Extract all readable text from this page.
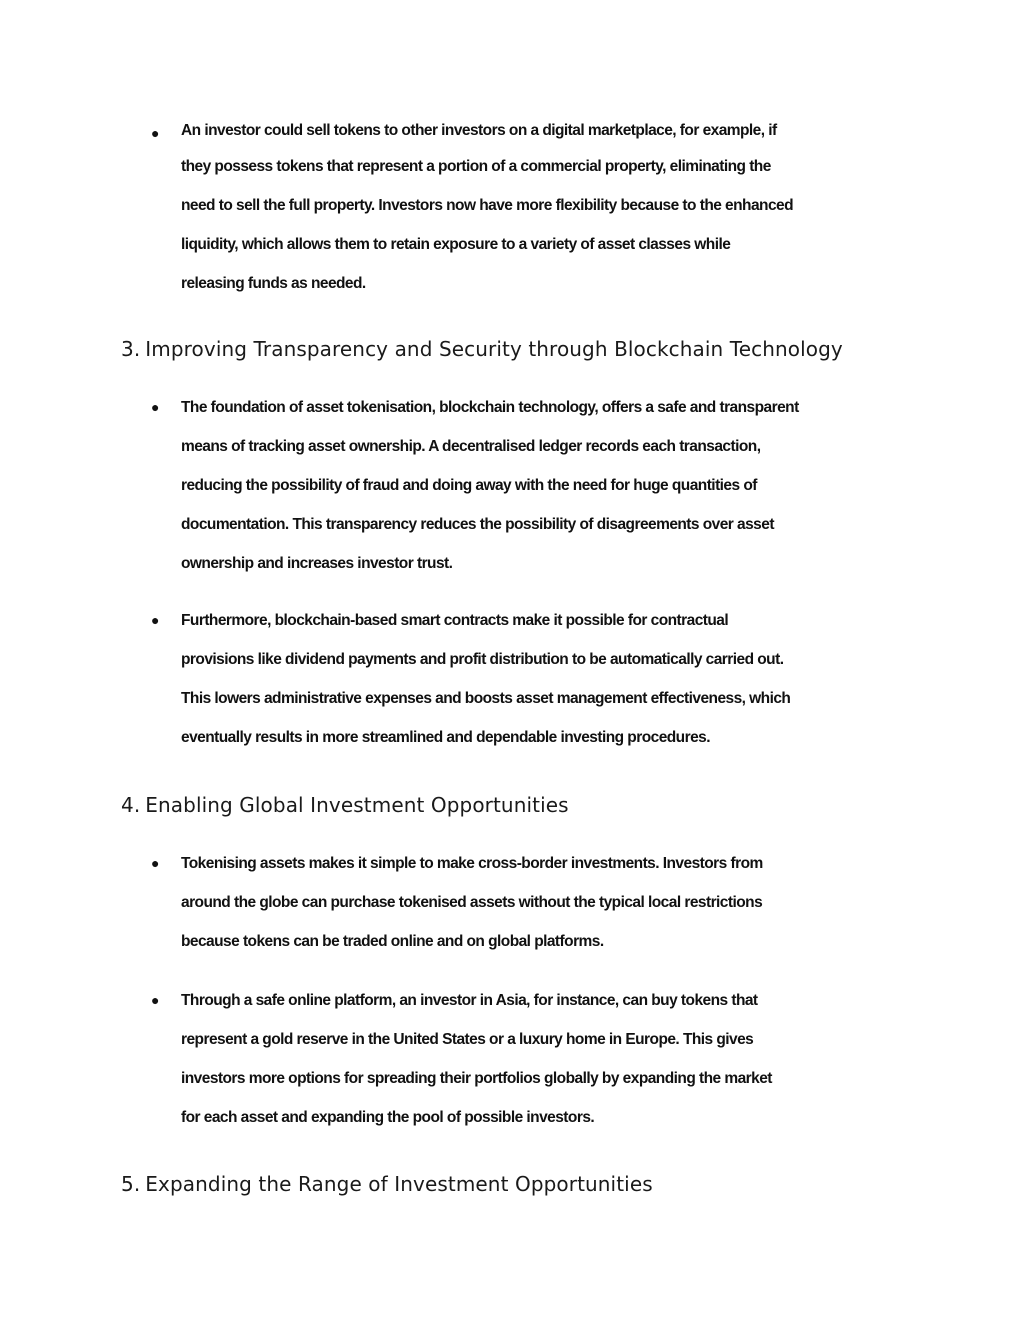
● An investor could sell tokens to other investors on a digital marketplace, for example, if
they possess tokens that represent a portion of a commercial property, eliminating the
need to sell the full property. Investors now have more flexibility because to the enhanced
liquidity, which allows them to retain exposure to a variety of asset classes while
releasing funds as needed.
3. Improving Transparency and Security through Blockchain Technology
● The foundation of asset tokenisation, blockchain technology, offers a safe and transparent
means of tracking asset ownership. A decentralised ledger records each transaction,
reducing the possibility of fraud and doing away with the need for huge quantities of
documentation. This transparency reduces the possibility of disagreements over asset
ownership and increases investor trust.
● Furthermore, blockchain-based smart contracts make it possible for contractual
provisions like dividend payments and profit distribution to be automatically carried out.
This lowers administrative expenses and boosts asset management effectiveness, which
eventually results in more streamlined and dependable investing procedures.
4. Enabling Global Investment Opportunities
● Tokenising assets makes it simple to make cross-border investments. Investors from
around the globe can purchase tokenised assets without the typical local restrictions
because tokens can be traded online and on global platforms.
● Through a safe online platform, an investor in Asia, for instance, can buy tokens that
represent a gold reserve in the United States or a luxury home in Europe. This gives
investors more options for spreading their portfolios globally by expanding the market
for each asset and expanding the pool of possible investors.
5. Expanding the Range of Investment Opportunities
